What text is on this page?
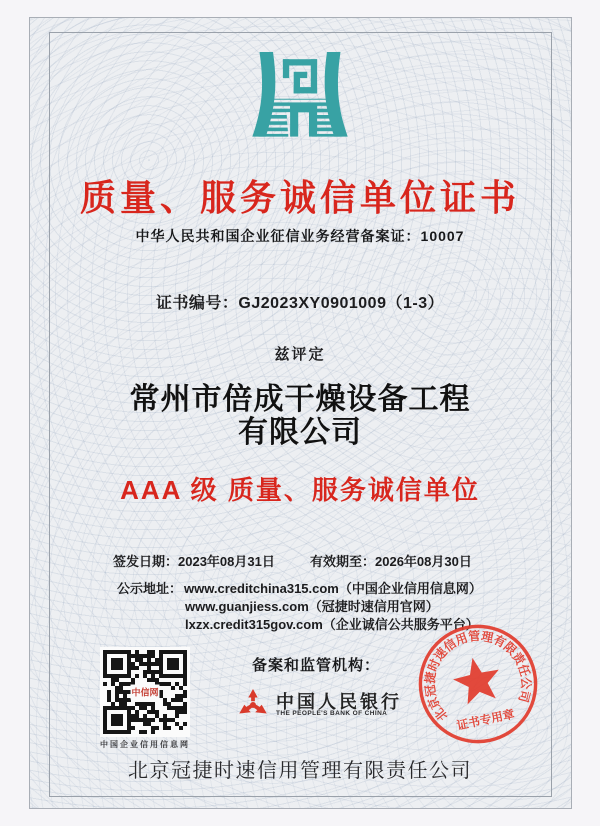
质量、服务诚信单位证书
中华人民共和国企业征信业务经营备案证：10007
证书编号：GJ2023XY0901009（1-3）
兹评定
常州市倍成干燥设备工程
有限公司
AAA 级 质量、服务诚信单位
签发日期：2023年08月31日	有效期至：2026年08月30日
公示地址： www.creditchina315.com（中国企业信用信息网）
www.guanjiess.com（冠捷时速信用官网）
lxzx.credit315gov.com（企业诚信公共服务平台）
中信网
中国企业信用信息网
备案和监管机构：
中国人民银行
THE PEOPLE'S BANK OF CHINA	北京冠捷时速信用管理有限责任公司
证书专用章
北京冠捷时速信用管理有限责任公司
